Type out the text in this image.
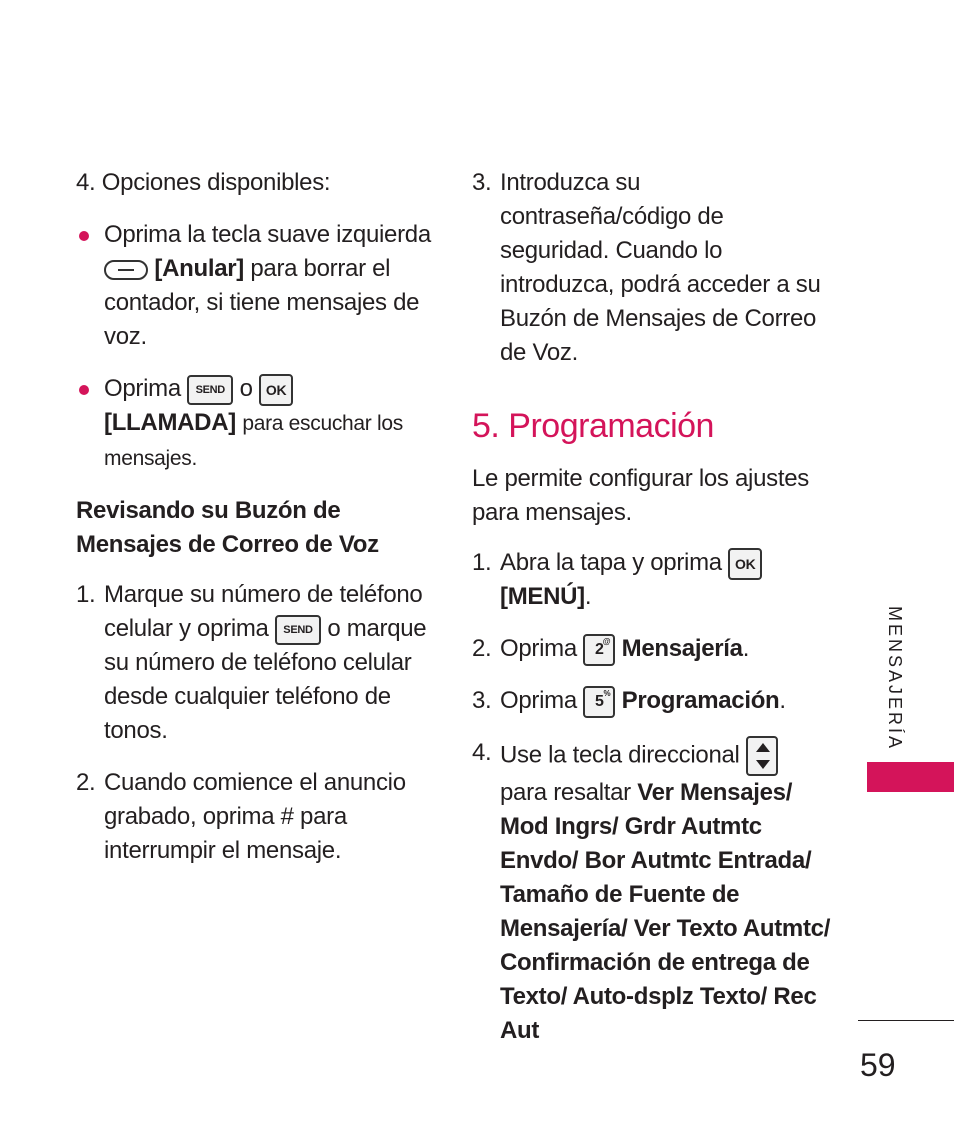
4. Opciones disponibles:

Oprima la tecla suave izquierda
[Anular] para borrar el contador, si tiene mensajes de voz.

Oprima SEND o OK
[LLAMADA] para escuchar los mensajes.

Revisando su Buzón de Mensajes de Correo de Voz

1. Marque su número de teléfono celular y oprima SEND o marque su número de teléfono celular desde cualquier teléfono de tonos.

2. Cuando comience el anuncio grabado, oprima # para interrumpir el mensaje.

3. Introduzca su contraseña/código de seguridad. Cuando lo introduzca, podrá acceder a su Buzón de Mensajes de Correo de Voz.

5. Programación

Le permite configurar los ajustes para mensajes.

1. Abra la tapa y oprima OK
[MENÚ].

2. Oprima 2 @ Mensajería.

3. Oprima 5 % Programación.

4. Use la tecla direccional

para resaltar Ver Mensajes/ Mod Ingrs/ Grdr Autmtc Envdo/ Bor Autmtc Entrada/ Tamaño de Fuente de Mensajería/ Ver Texto Autmtc/ Confirmación de entrega de Texto/ Auto-dsplz Texto/ Rec Aut

MENSAJERÍA
59
